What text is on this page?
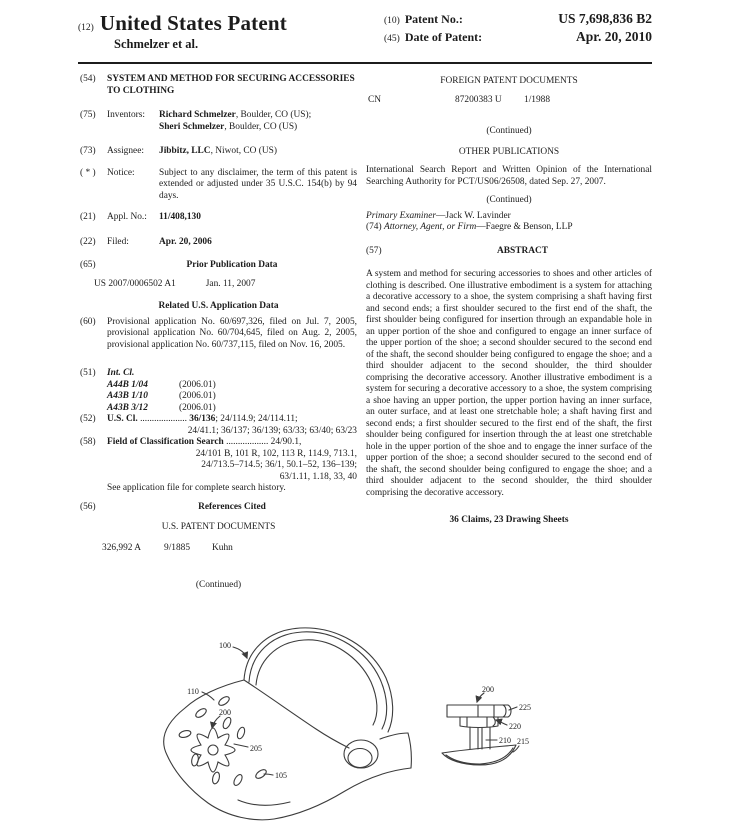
(12) United States Patent
Schmelzer et al.
(10) Patent No.:	US 7,698,836 B2
(45) Date of Patent:	Apr. 20, 2010
(54)	SYSTEM AND METHOD FOR SECURING ACCESSORIES TO CLOTHING
(75)	Inventors:	Richard Schmelzer, Boulder, CO (US);
Sheri Schmelzer, Boulder, CO (US)
(73)	Assignee:	Jibbitz, LLC, Niwot, CO (US)
( * )	Notice:	Subject to any disclaimer, the term of this patent is extended or adjusted under 35 U.S.C. 154(b) by 94 days.
(21)	Appl. No.:	11/408,130
(22)	Filed:	Apr. 20, 2006
(65)	Prior Publication Data
US 2007/0006502 A1	Jan. 11, 2007
Related U.S. Application Data
(60)	Provisional application No. 60/697,326, filed on Jul. 7, 2005, provisional application No. 60/704,645, filed on Aug. 2, 2005, provisional application No. 60/737,115, filed on Nov. 16, 2005.
(51)	Int. Cl.
A44B 1/04	(2006.01)
A43B 1/10	(2006.01)
A43B 3/12	(2006.01)
(52)	U.S. Cl. .................... 36/136; 24/114.9; 24/114.11;
24/41.1; 36/137; 36/139; 63/33; 63/40; 63/23
(58)	Field of Classification Search .................. 24/90.1,
24/101 B, 101 R, 102, 113 R, 114.9, 713.1,
24/713.5–714.5; 36/1, 50.1–52, 136–139;
63/1.11, 1.18, 33, 40
See application file for complete search history.
(56)	References Cited
U.S. PATENT DOCUMENTS
326,992 A	9/1885	Kuhn
(Continued)
FOREIGN PATENT DOCUMENTS
CN	87200383 U	1/1988
(Continued)
OTHER PUBLICATIONS
International Search Report and Written Opinion of the International Searching Authority for PCT/US06/26508, dated Sep. 27, 2007.
(Continued)
Primary Examiner—Jack W. Lavinder
(74) Attorney, Agent, or Firm—Faegre & Benson, LLP
(57)	ABSTRACT
A system and method for securing accessories to shoes and other articles of clothing is described. One illustrative embodiment is a system for attaching a decorative accessory to a shoe, the system comprising a shaft having first and second ends; a first shoulder secured to the first end of the shaft, the first shoulder being configured for insertion through an expandable hole in an upper portion of the shoe and configured to engage an inner surface of the upper portion of the shoe; a second shoulder secured to the second end of the shaft, the second shoulder being configured to engage the shoe; and a third shoulder adjacent to the second shoulder, the third shoulder comprising the decorative accessory. Another illustrative embodiment is a system for securing a decorative accessory to a shoe, the system comprising a shoe having an upper portion, the upper portion having an inner surface, an outer surface, and at least one stretchable hole; a shaft having first and second ends; a first shoulder secured to the first end of the shaft, the first shoulder being configured for insertion through the at least one stretchable hole in the upper portion of the shoe and to engage the inner surface of the upper portion of the shoe; a second shoulder secured to the second end of the shaft, the second shoulder being configured to engage the shoe; and a third shoulder adjacent to the second shoulder, the third shoulder comprising the decorative accessory.
36 Claims, 23 Drawing Sheets
100
110
200
205
105
200
225
220
210 215
